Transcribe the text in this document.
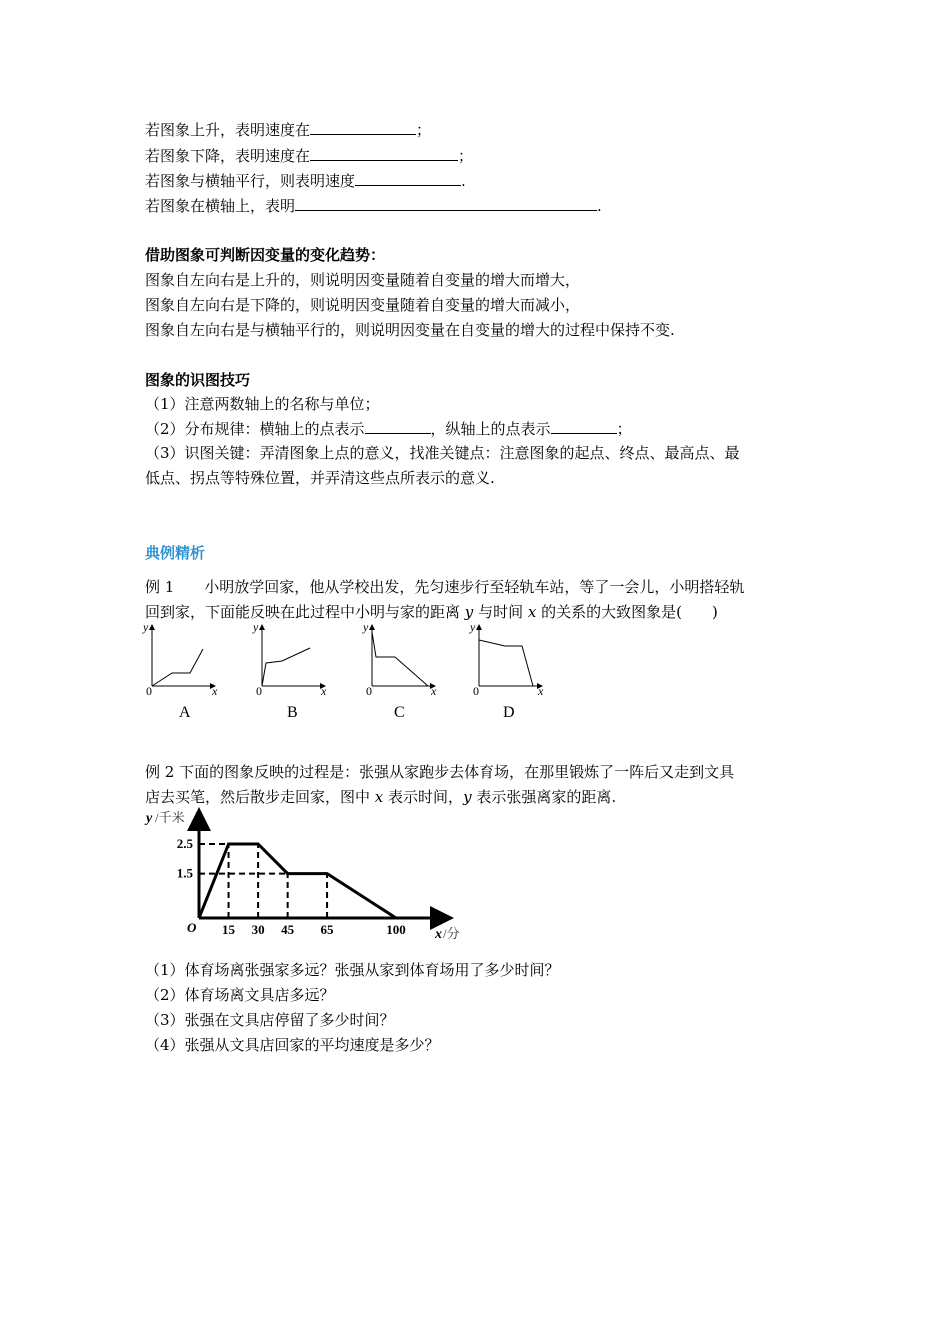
若图象上升，表明速度在	；
若图象下降，表明速度在	；
若图象与横轴平行，则表明速度	.
若图象在横轴上，表明	.
借助图象可判断因变量的变化趋势：
图象自左向右是上升的，则说明因变量随着自变量的增大而增大，
图象自左向右是下降的，则说明因变量随着自变量的增大而减小，
图象自左向右是与横轴平行的，则说明因变量在自变量的增大的过程中保持不变.
图象的识图技巧
（1）注意两数轴上的名称与单位；
（2）分布规律：横轴上的点表示	，纵轴上的点表示	；
（3）识图关键：弄清图象上点的意义，找准关键点：注意图象的起点、终点、最高点、最
低点、拐点等特殊位置，并弄清这些点所表示的意义.
典例精析
例 1　　小明放学回家，他从学校出发，先匀速步行至轻轨车站，等了一会儿，小明搭轻轨
回到家，下面能反映在此过程中小明与家的距离 y 与时间 x 的关系的大致图象是(　　)
y
x
0
y
x
0
y
x
0
y
x
0
A	B	C	D
例 2 下面的图象反映的过程是：张强从家跑步去体育场，在那里锻炼了一阵后又走到文具
店去买笔，然后散步走回家，图中 x 表示时间，y 表示张强离家的距离.
y /千米
x /分
O 15 30 45 65	100
2.5
1.5
（1）体育场离张强家多远？张强从家到体育场用了多少时间？
（2）体育场离文具店多远？
（3）张强在文具店停留了多少时间？
（4）张强从文具店回家的平均速度是多少？
